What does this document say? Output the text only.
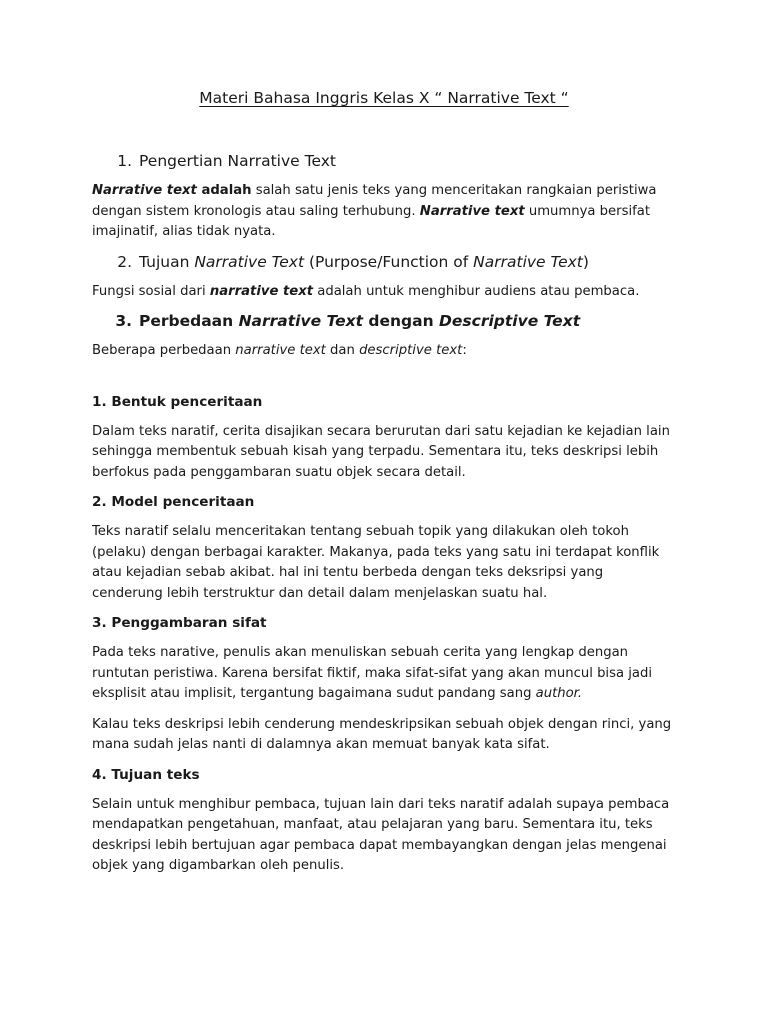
Materi Bahasa Inggris Kelas X “ Narrative Text “
1. Pengertian Narrative Text

Narrative text adalah salah satu jenis teks yang menceritakan rangkaian peristiwa dengan sistem kronologis atau saling terhubung. Narrative text umumnya bersifat imajinatif, alias tidak nyata.

2. Tujuan Narrative Text (Purpose/Function of Narrative Text)

Fungsi sosial dari narrative text adalah untuk menghibur audiens atau pembaca.

3. Perbedaan Narrative Text dengan Descriptive Text

Beberapa perbedaan narrative text dan descriptive text:

1. Bentuk penceritaan

Dalam teks naratif, cerita disajikan secara berurutan dari satu kejadian ke kejadian lain sehingga membentuk sebuah kisah yang terpadu. Sementara itu, teks deskripsi lebih berfokus pada penggambaran suatu objek secara detail.

2. Model penceritaan

Teks naratif selalu menceritakan tentang sebuah topik yang dilakukan oleh tokoh (pelaku) dengan berbagai karakter. Makanya, pada teks yang satu ini terdapat konflik atau kejadian sebab akibat. hal ini tentu berbeda dengan teks deksripsi yang cenderung lebih terstruktur dan detail dalam menjelaskan suatu hal.

3. Penggambaran sifat

Pada teks narative, penulis akan menuliskan sebuah cerita yang lengkap dengan runtutan peristiwa. Karena bersifat fiktif, maka sifat-sifat yang akan muncul bisa jadi eksplisit atau implisit, tergantung bagaimana sudut pandang sang author.

Kalau teks deskripsi lebih cenderung mendeskripsikan sebuah objek dengan rinci, yang mana sudah jelas nanti di dalamnya akan memuat banyak kata sifat.

4. Tujuan teks

Selain untuk menghibur pembaca, tujuan lain dari teks naratif adalah supaya pembaca mendapatkan pengetahuan, manfaat, atau pelajaran yang baru. Sementara itu, teks deskripsi lebih bertujuan agar pembaca dapat membayangkan dengan jelas mengenai objek yang digambarkan oleh penulis.
